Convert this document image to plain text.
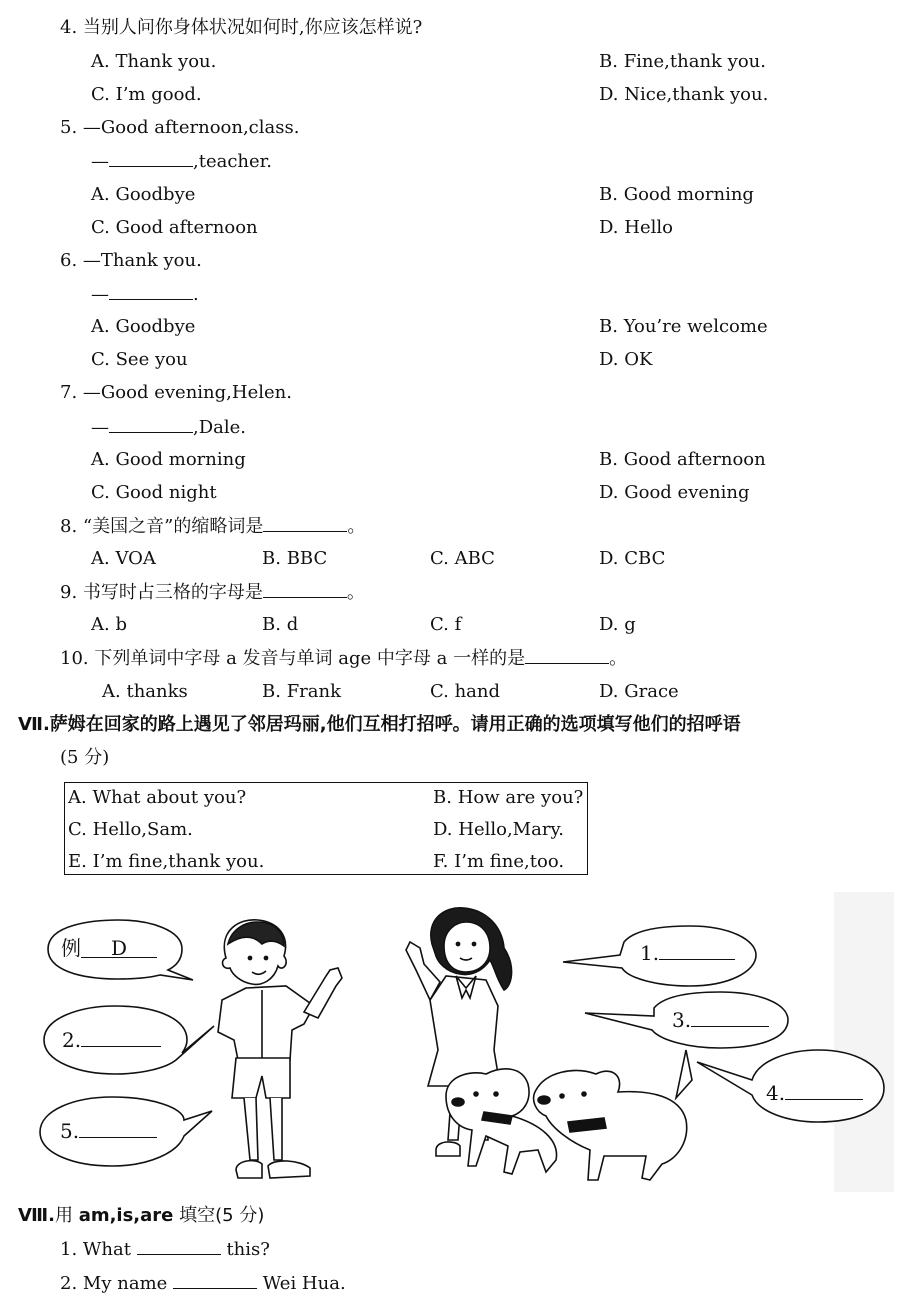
4. 当别人问你身体状况如何时,你应该怎样说?
A. Thank you.	B. Fine,thank you.
C. I’m good.	D. Nice,thank you.
5. —Good afternoon,class.
—	,teacher.
A. Goodbye	B. Good morning
C. Good afternoon	D. Hello
6. —Thank you.
—	.
A. Goodbye	B. You’re welcome
C. See you	D. OK
7. —Good evening,Helen.
—	,Dale.
A. Good morning	B. Good afternoon
C. Good night	D. Good evening
8. “美国之音”的缩略词是	。
A. VOA	B. BBC	C. ABC	D. CBC
9. 书写时占三格的字母是	。
A. b	B. d	C. f	D. g
10. 下列单词中字母 a 发音与单词 age 中字母 a 一样的是	。
A. thanks	B. Frank	C. hand	D. Grace
Ⅶ.萨姆在回家的路上遇见了邻居玛丽,他们互相打招呼。请用正确的选项填写他们的招呼语
(5 分)
A. What about you?	B. How are you?
C. Hello,Sam.	D. Hello,Mary.
E. I’m fine,thank you.	F. I’m fine,too.
例 D	1.
2.
3.
4.
5.
Ⅷ.用 am,is,are 填空(5 分)
1. What	this?
2. My name	Wei Hua.
